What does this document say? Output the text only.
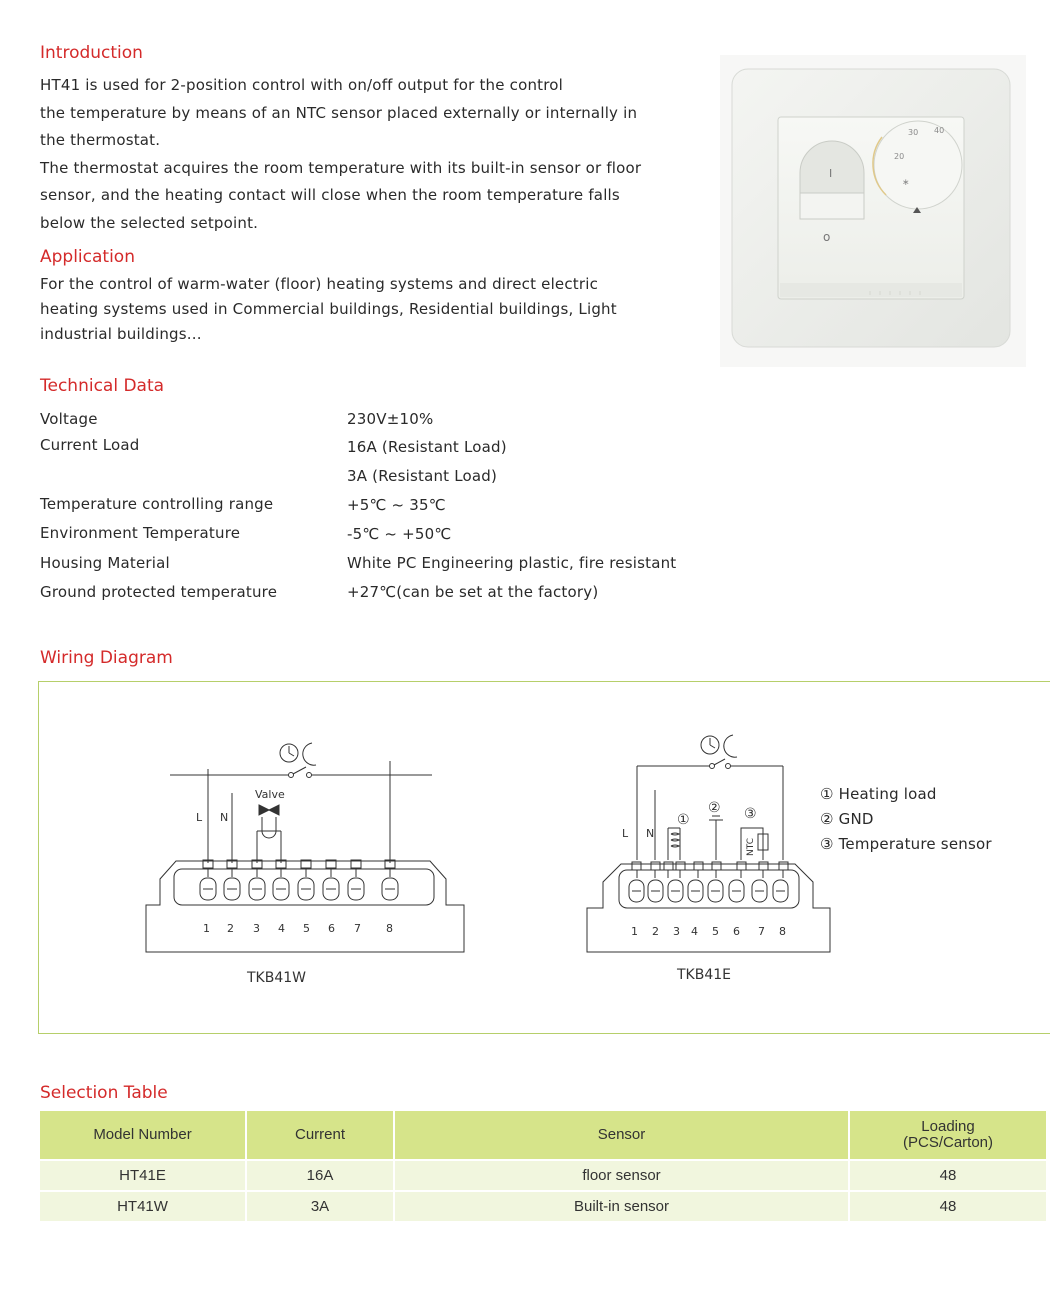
Introduction
HT41 is used for 2-position control with on/off output for the control
the temperature by means of an NTC sensor placed externally or internally in
the thermostat.
The thermostat acquires the room temperature with its built-in sensor or floor
sensor, and the heating contact will close when the room temperature falls
below the selected setpoint.
Application
For the control of warm-water (floor) heating systems and direct electric
heating systems used in Commercial buildings, Residential buildings, Light
industrial buildings...
I
o
20
∗
30 40
Technical Data
Voltage	230V±10%
Current Load	16A (Resistant Load)
3A (Resistant Load)
Temperature controlling range	+5℃ ~ 35℃
Environment Temperature	-5℃ ~ +50℃
Housing Material	White PC Engineering plastic, fire resistant
Ground protected temperature	+27℃(can be set at the factory)
Wiring Diagram
Valve
L N
1 2 3 4 5 6 7 8
TKB41W
L N
①
② ③
NTC
1 2 3 4 5 6 7 8
TKB41E
① Heating load
② GND
③ Temperature sensor
Selection Table
Model Number	Current	Sensor	Loading
(PCS/Carton)

HT41E	16A	floor sensor	48
HT41W	3A	Built-in sensor	48
